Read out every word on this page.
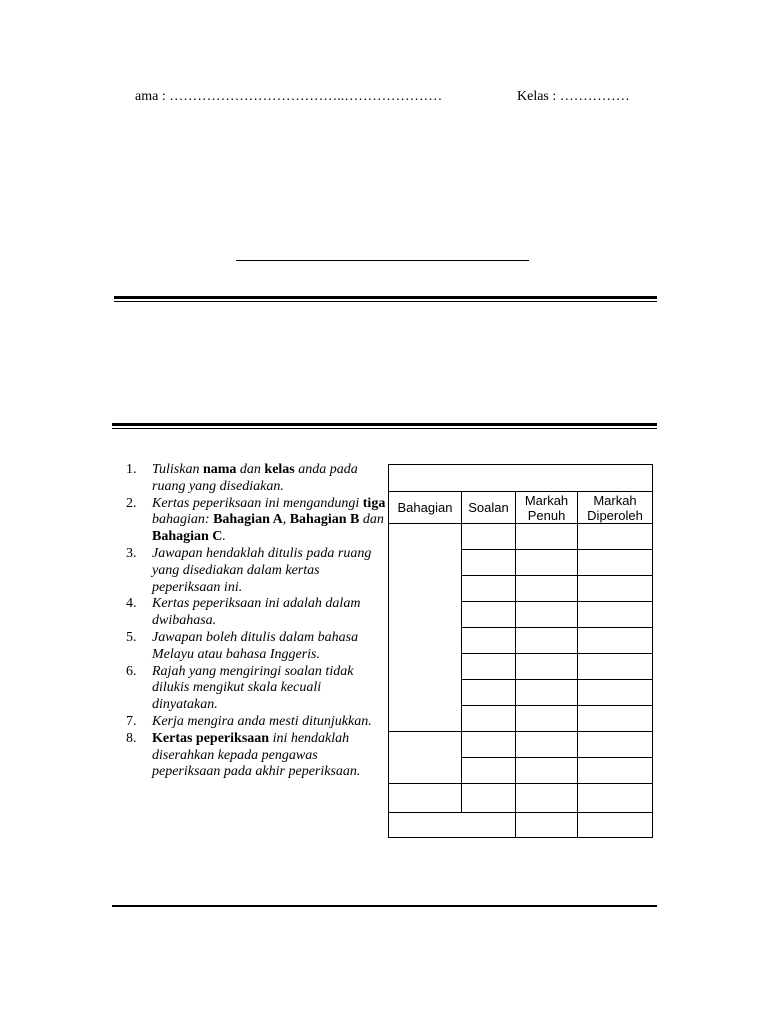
ama : ………………………………..…………………	Kelas : ……………
1. Tuliskan nama dan kelas anda pada ruang yang disediakan.
2. Kertas peperiksaan ini mengandungi tiga bahagian: Bahagian A, Bahagian B dan Bahagian C.
3. Jawapan hendaklah ditulis pada ruang yang disediakan dalam kertas peperiksaan ini.
4. Kertas peperiksaan ini adalah dalam dwibahasa.
5. Jawapan boleh ditulis dalam bahasa Melayu atau bahasa Inggeris.
6. Rajah yang mengiringi soalan tidak dilukis mengikut skala kecuali dinyatakan.
7. Kerja mengira anda mesti ditunjukkan.
8. Kertas peperiksaan ini hendaklah diserahkan kepada pengawas peperiksaan pada akhir peperiksaan.

Bahagian	Soalan	Markah Penuh	Markah Diperoleh
